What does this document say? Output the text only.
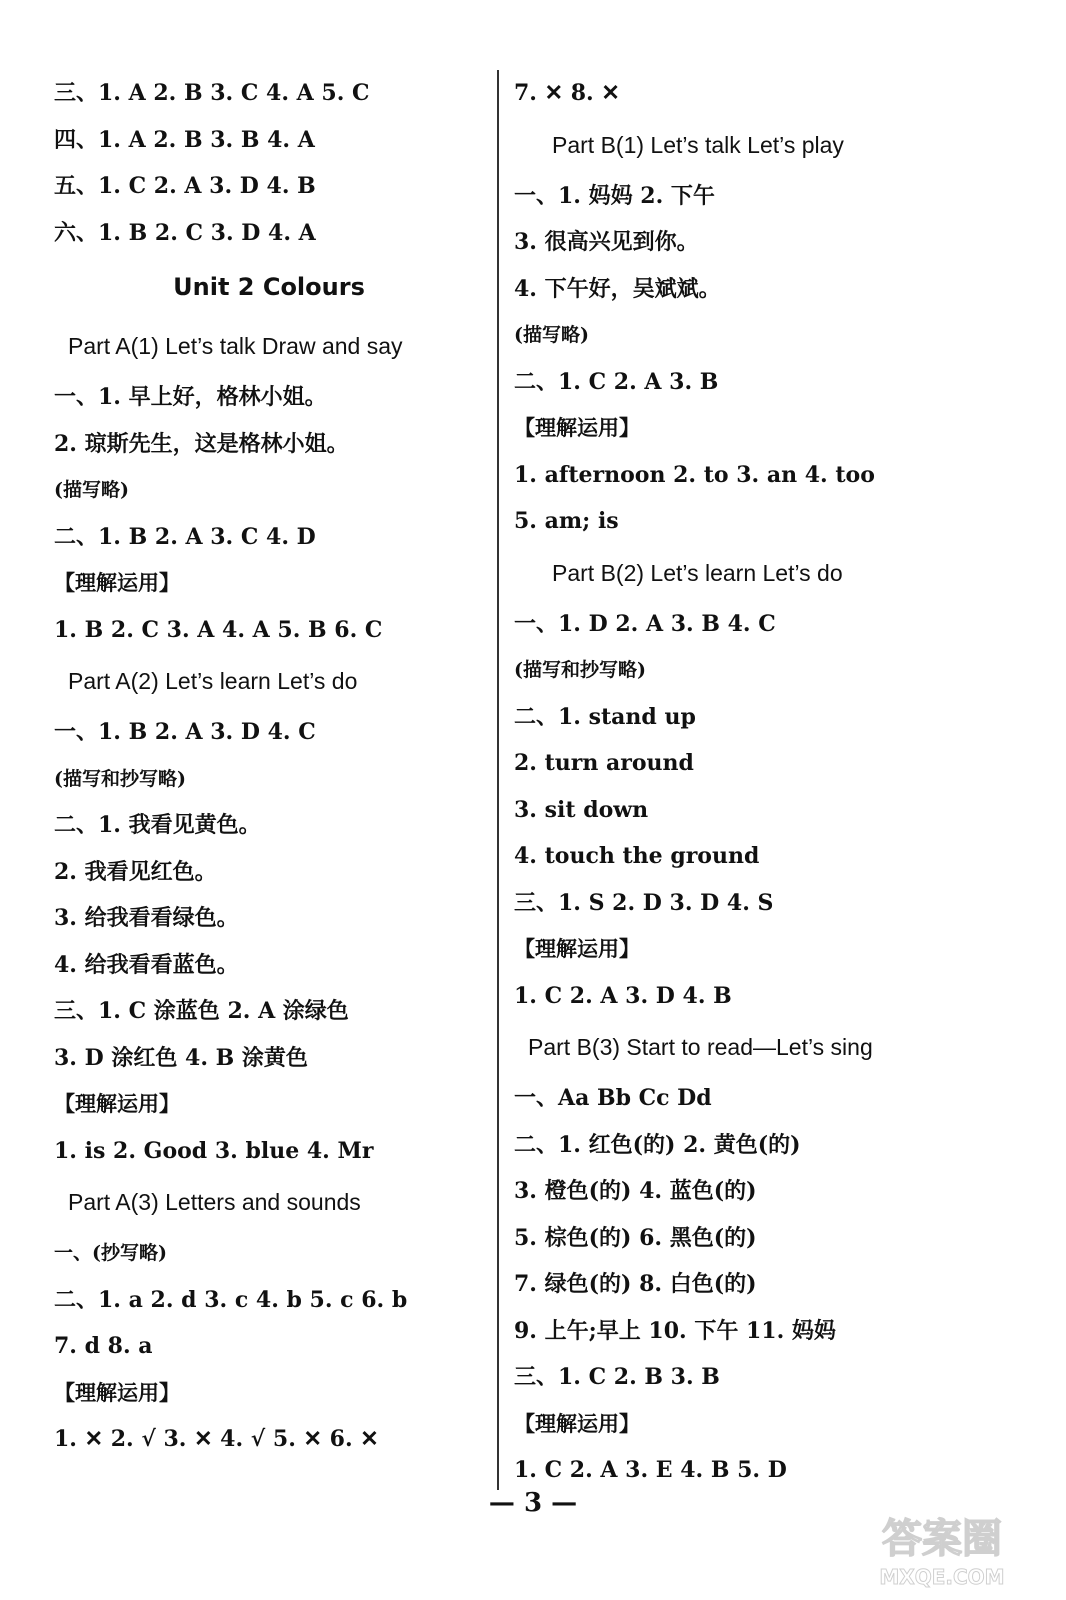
三、1. A 2. B 3. C 4. A 5. C
四、1. A 2. B 3. B 4. A
五、1. C 2. A 3. D 4. B
六、1. B 2. C 3. D 4. A
Unit 2 Colours
Part A(1) Let’s talk Draw and say
一、1. 早上好，格林小姐。
2. 琼斯先生，这是格林小姐。
(描写略)
二、1. B 2. A 3. C 4. D
【理解运用】
1. B 2. C 3. A 4. A 5. B 6. C
Part A(2) Let’s learn Let’s do
一、1. B 2. A 3. D 4. C
(描写和抄写略)
二、1. 我看见黄色。
2. 我看见红色。
3. 给我看看绿色。
4. 给我看看蓝色。
三、1. C 涂蓝色 2. A 涂绿色
3. D 涂红色 4. B 涂黄色
【理解运用】
1. is 2. Good 3. blue 4. Mr
Part A(3) Letters and sounds
一、(抄写略)
二、1. a 2. d 3. c 4. b 5. c 6. b
7. d 8. a
【理解运用】
1. ✕ 2. √ 3. ✕ 4. √ 5. ✕ 6. ✕
7. ✕ 8. ✕
Part B(1) Let’s talk Let’s play
一、1. 妈妈 2. 下午
3. 很高兴见到你。
4. 下午好，吴斌斌。
(描写略)
二、1. C 2. A 3. B
【理解运用】
1. afternoon 2. to 3. an 4. too
5. am; is
Part B(2) Let’s learn Let’s do
一、1. D 2. A 3. B 4. C
(描写和抄写略)
二、1. stand up
2. turn around
3. sit down
4. touch the ground
三、1. S 2. D 3. D 4. S
【理解运用】
1. C 2. A 3. D 4. B
Part B(3) Start to read—Let’s sing
一、Aa Bb Cc Dd
二、1. 红色(的) 2. 黄色(的)
3. 橙色(的) 4. 蓝色(的)
5. 棕色(的) 6. 黑色(的)
7. 绿色(的) 8. 白色(的)
9. 上午;早上 10. 下午 11. 妈妈
三、1. C 2. B 3. B
【理解运用】
1. C 2. A 3. E 4. B 5. D
— 3 —
答案圈
MXQE.COM
